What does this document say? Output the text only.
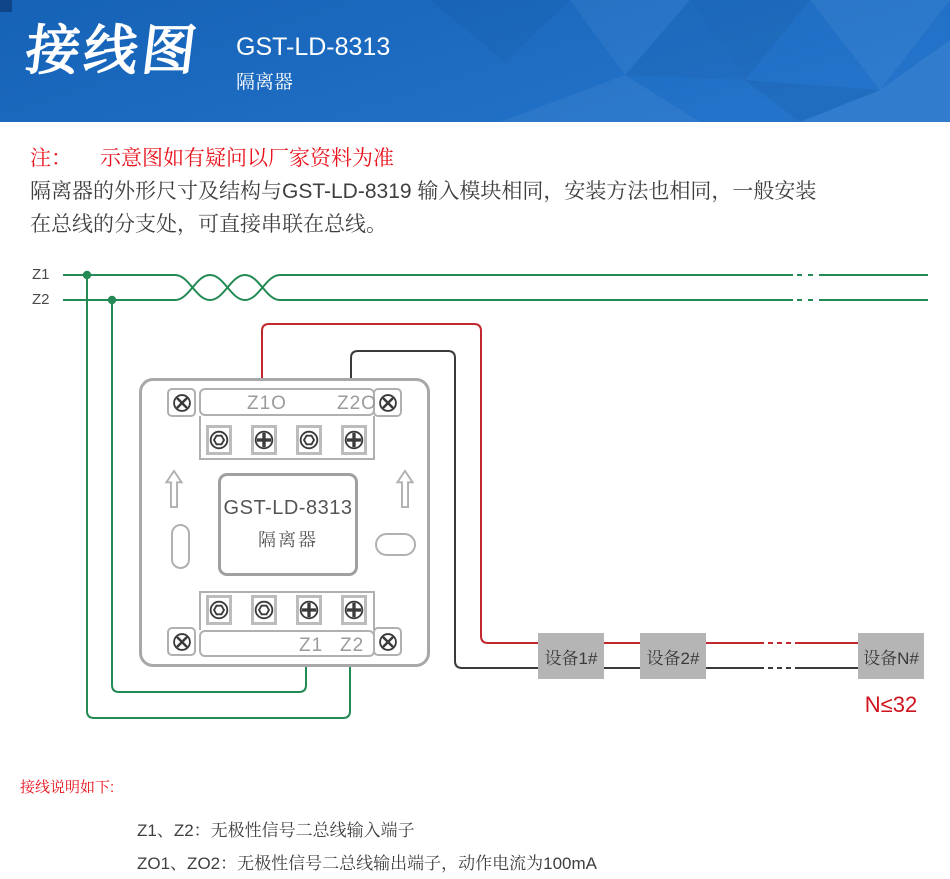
接线图 GST-LD-8313
隔离器
注： 示意图如有疑问以厂家资料为准
隔离器的外形尺寸及结构与GST-LD-8319 输入模块相同，安装方法也相同，一般安装
在总线的分支处，可直接串联在总线。
Z1
Z2
Z1O	Z2O
GST-LD-8313
隔离器
Z1 Z2
设备1#	设备2#	设备N#
N≤32
接线说明如下:
Z1、Z2：无极性信号二总线输入端子
ZO1、ZO2：无极性信号二总线输出端子，动作电流为100mA
